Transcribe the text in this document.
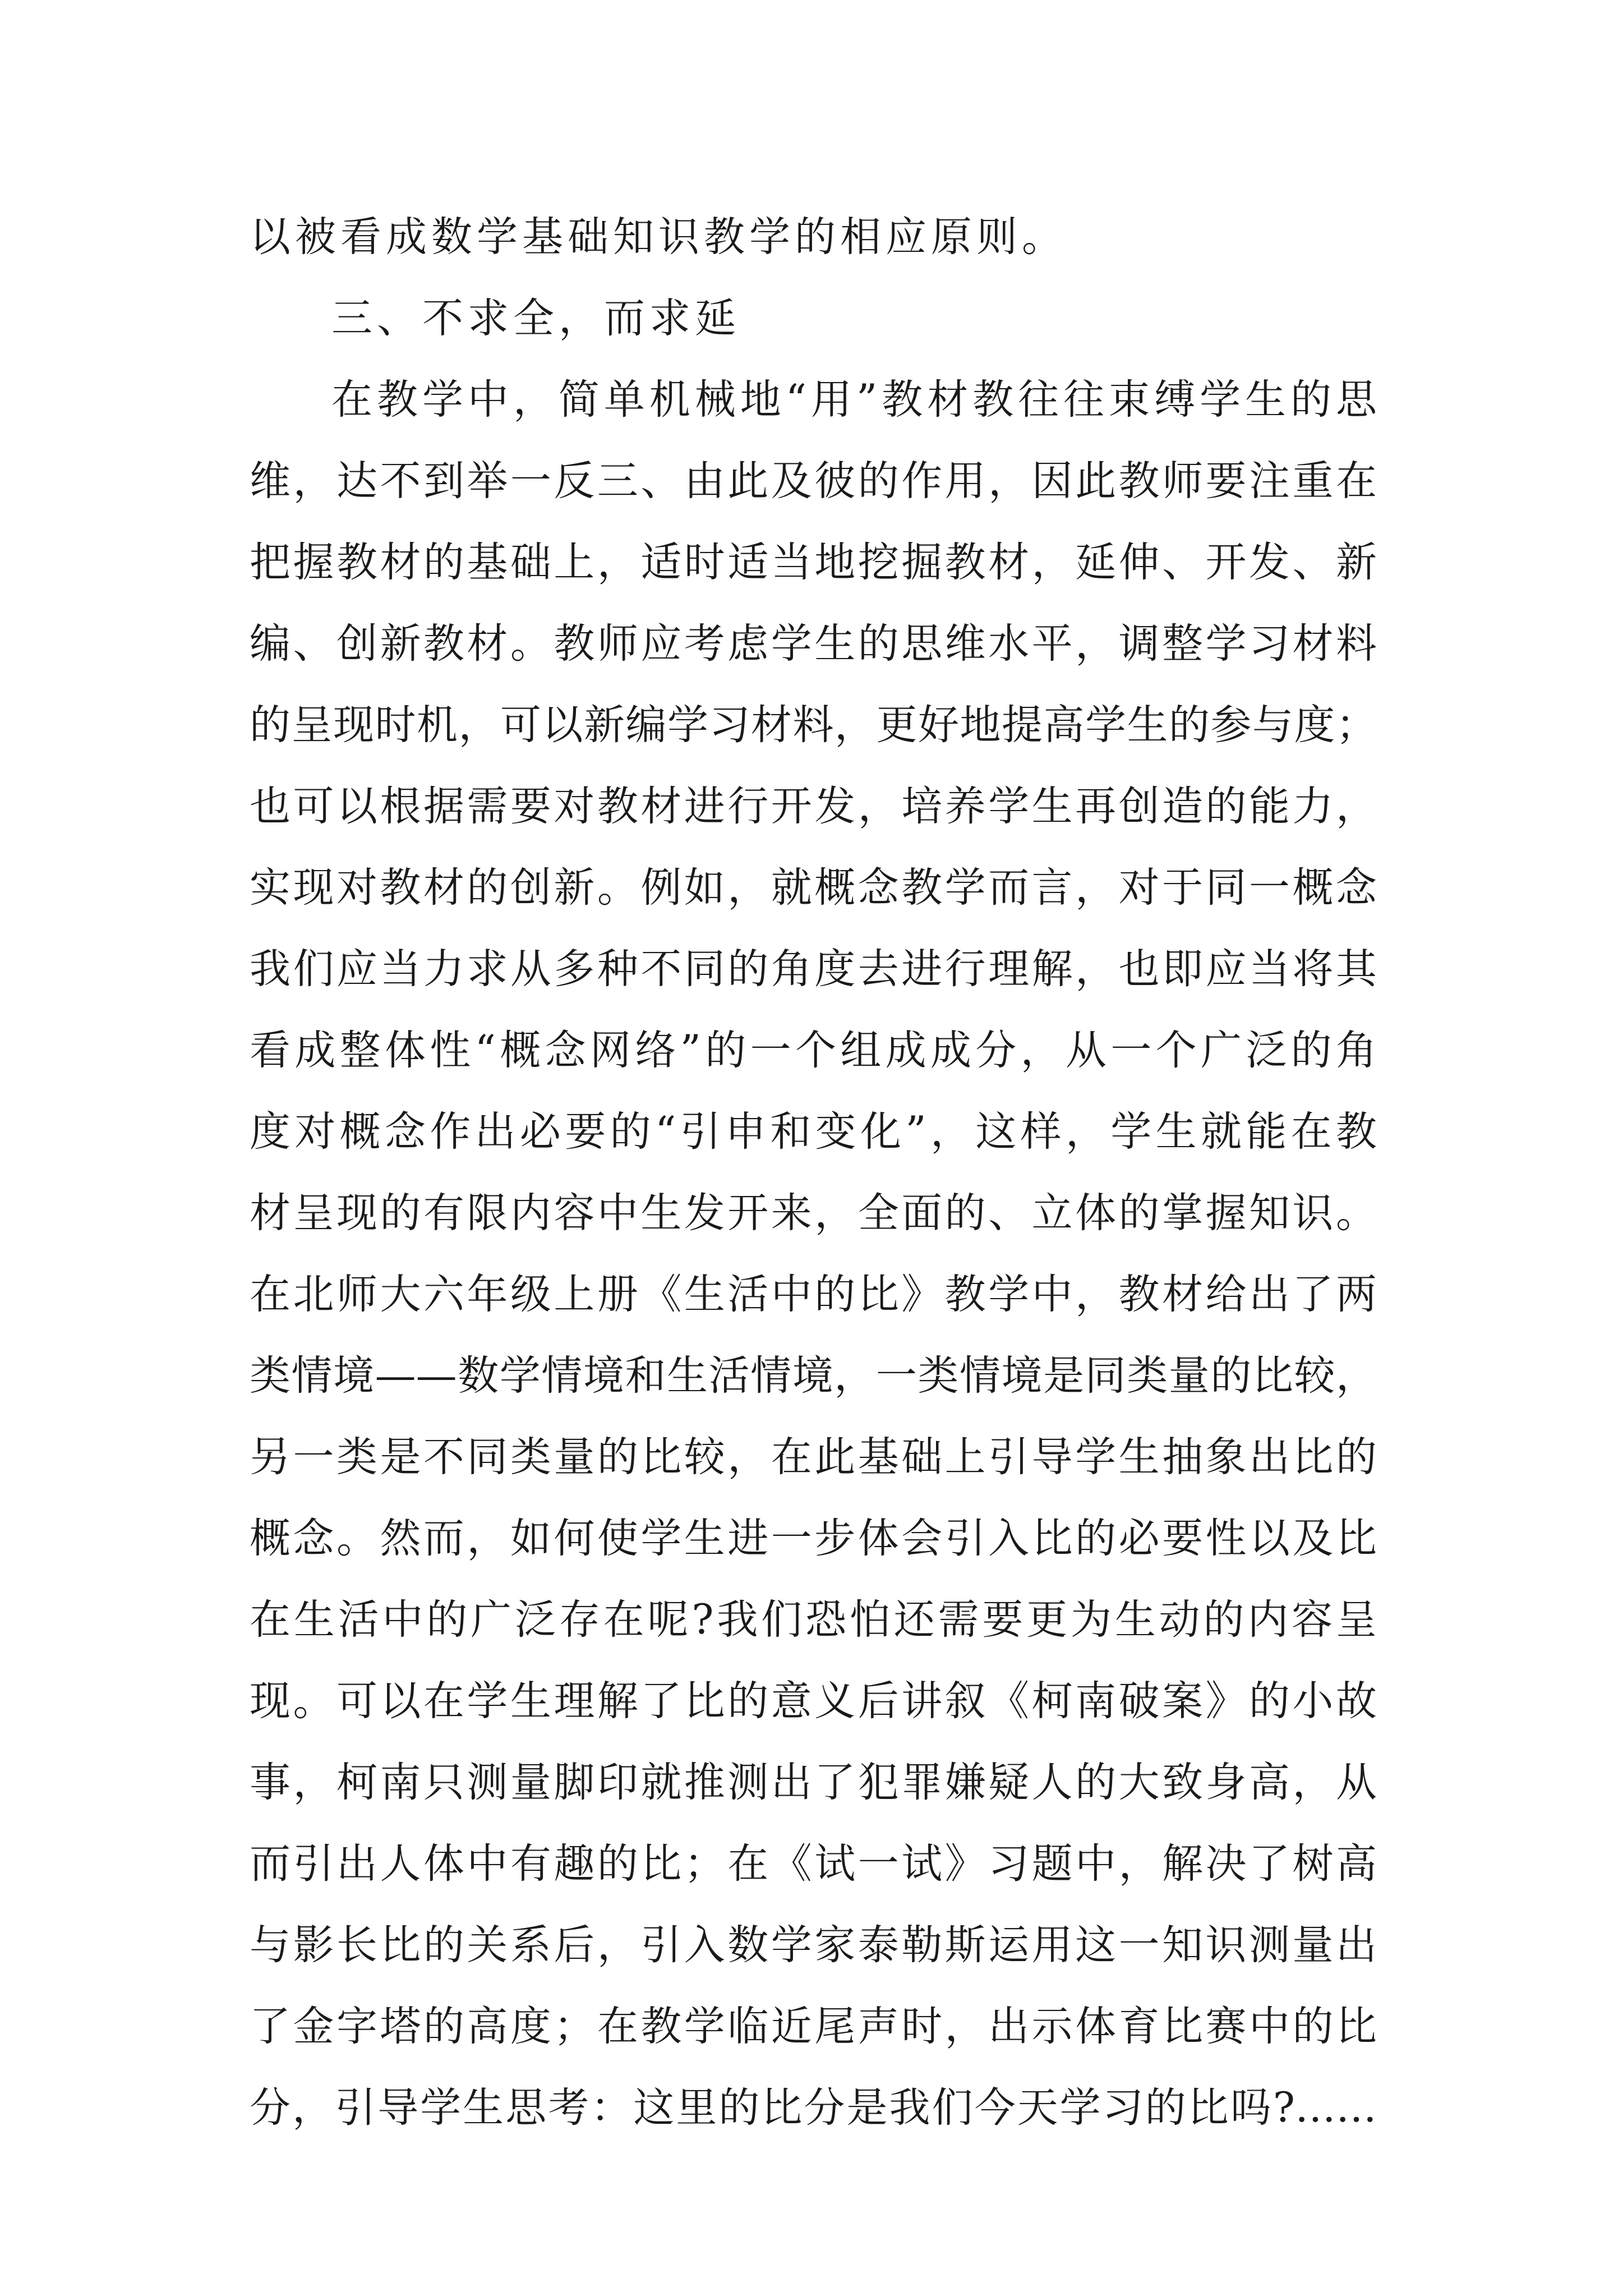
以被看成数学基础知识教学的相应原则。
三、不求全，而求延
在教学中，简单机械地“用”教材教往往束缚学生的思
维，达不到举一反三、由此及彼的作用，因此教师要注重在
把握教材的基础上，适时适当地挖掘教材，延伸、开发、新
编、创新教材。教师应考虑学生的思维水平，调整学习材料
的呈现时机，可以新编学习材料，更好地提高学生的参与度；
也可以根据需要对教材进行开发，培养学生再创造的能力，
实现对教材的创新。例如，就概念教学而言，对于同一概念
我们应当力求从多种不同的角度去进行理解，也即应当将其
看成整体性“概念网络”的一个组成成分，从一个广泛的角
度对概念作出必要的“引申和变化”，这样，学生就能在教
材呈现的有限内容中生发开来，全面的、立体的掌握知识。
在北师大六年级上册《生活中的比》教学中，教材给出了两
类情境——数学情境和生活情境，一类情境是同类量的比较，
另一类是不同类量的比较，在此基础上引导学生抽象出比的
概念。然而，如何使学生进一步体会引入比的必要性以及比
在生活中的广泛存在呢?我们恐怕还需要更为生动的内容呈
现。可以在学生理解了比的意义后讲叙《柯南破案》的小故
事，柯南只测量脚印就推测出了犯罪嫌疑人的大致身高，从
而引出人体中有趣的比；在《试一试》习题中，解决了树高
与影长比的关系后，引入数学家泰勒斯运用这一知识测量出
了金字塔的高度；在教学临近尾声时，出示体育比赛中的比
分，引导学生思考：这里的比分是我们今天学习的比吗?……
